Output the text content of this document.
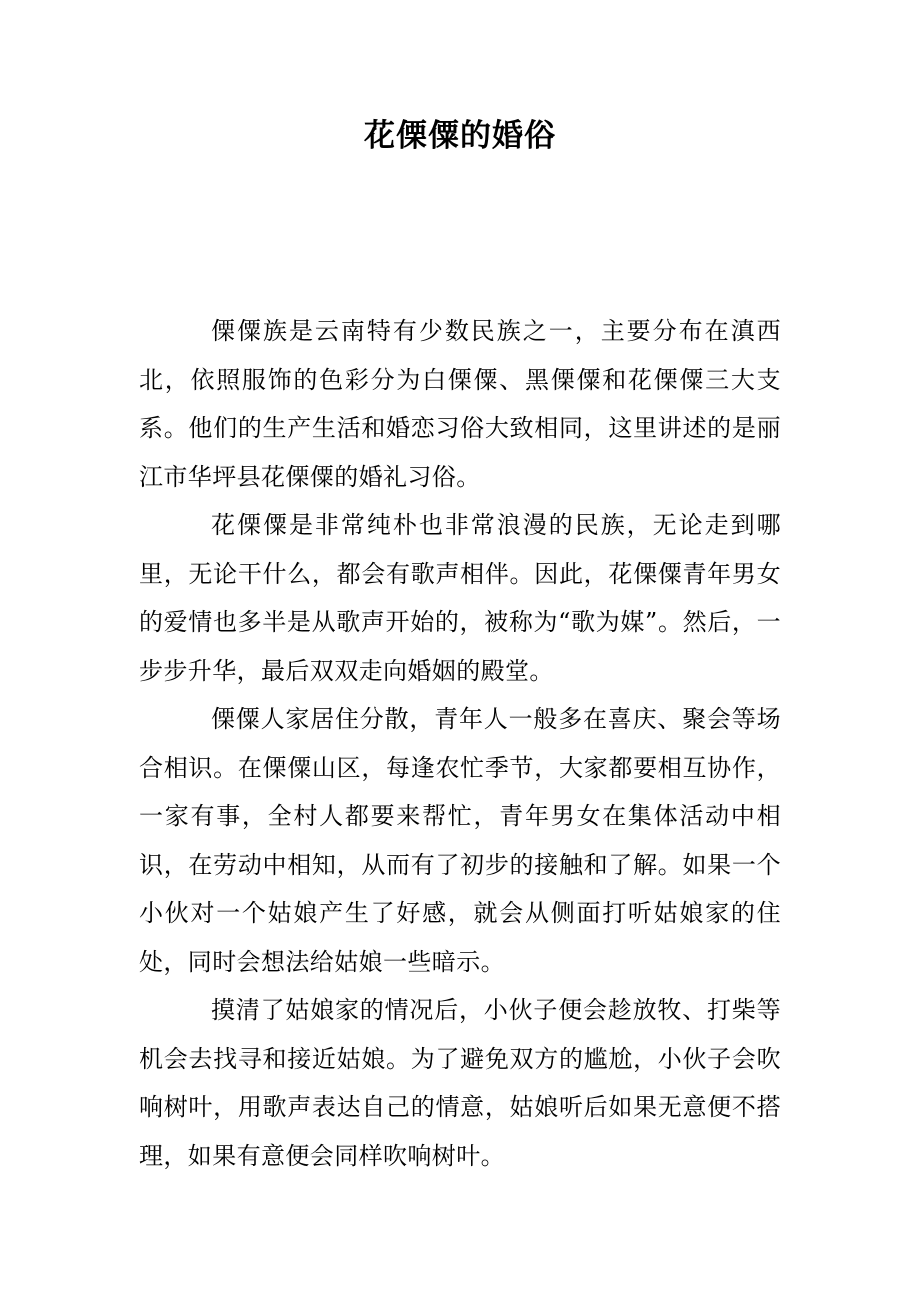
花傈僳的婚俗

傈僳族是云南特有少数民族之一，主要分布在滇西北，依照服饰的色彩分为白傈僳、黑傈僳和花傈僳三大支系。他们的生产生活和婚恋习俗大致相同，这里讲述的是丽江市华坪县花傈僳的婚礼习俗。

花傈僳是非常纯朴也非常浪漫的民族，无论走到哪里，无论干什么，都会有歌声相伴。因此，花傈僳青年男女的爱情也多半是从歌声开始的，被称为“歌为媒”。然后，一步步升华，最后双双走向婚姻的殿堂。

傈僳人家居住分散，青年人一般多在喜庆、聚会等场合相识。在傈僳山区，每逢农忙季节，大家都要相互协作，一家有事，全村人都要来帮忙，青年男女在集体活动中相识，在劳动中相知，从而有了初步的接触和了解。如果一个小伙对一个姑娘产生了好感，就会从侧面打听姑娘家的住处，同时会想法给姑娘一些暗示。

摸清了姑娘家的情况后，小伙子便会趁放牧、打柴等机会去找寻和接近姑娘。为了避免双方的尴尬，小伙子会吹响树叶，用歌声表达自己的情意，姑娘听后如果无意便不搭理，如果有意便会同样吹响树叶。
